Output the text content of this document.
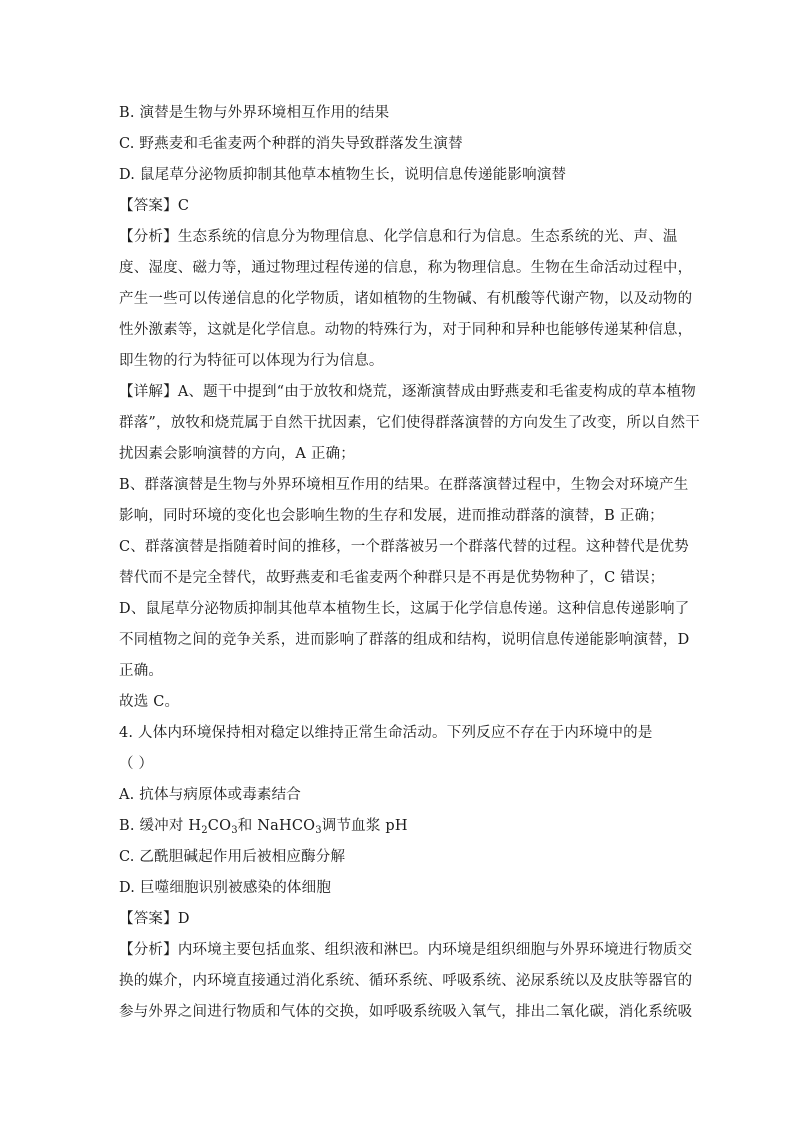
B. 演替是生物与外界环境相互作用的结果
C. 野燕麦和毛雀麦两个种群的消失导致群落发生演替
D. 鼠尾草分泌物质抑制其他草本植物生长，说明信息传递能影响演替
【答案】C
【分析】生态系统的信息分为物理信息、化学信息和行为信息。生态系统的光、声、温
度、湿度、磁力等，通过物理过程传递的信息，称为物理信息。生物在生命活动过程中，
产生一些可以传递信息的化学物质，诸如植物的生物碱、有机酸等代谢产物，以及动物的
性外激素等，这就是化学信息。动物的特殊行为，对于同种和异种也能够传递某种信息，
即生物的行为特征可以体现为行为信息。
【详解】A、题干中提到“由于放牧和烧荒，逐渐演替成由野燕麦和毛雀麦构成的草本植物
群落”，放牧和烧荒属于自然干扰因素，它们使得群落演替的方向发生了改变，所以自然干
扰因素会影响演替的方向，A 正确；
B、群落演替是生物与外界环境相互作用的结果。在群落演替过程中，生物会对环境产生
影响，同时环境的变化也会影响生物的生存和发展，进而推动群落的演替，B 正确；
C、群落演替是指随着时间的推移，一个群落被另一个群落代替的过程。这种替代是优势
替代而不是完全替代，故野燕麦和毛雀麦两个种群只是不再是优势物种了，C 错误；
D、鼠尾草分泌物质抑制其他草本植物生长，这属于化学信息传递。这种信息传递影响了
不同植物之间的竞争关系，进而影响了群落的组成和结构，说明信息传递能影响演替，D
正确。
故选 C。
4. 人体内环境保持相对稳定以维持正常生命活动。下列反应不存在于内环境中的是
（ ）
A. 抗体与病原体或毒素结合
B. 缓冲对 $H_2CO_3$和 NaHCO$_3$调节血浆 pH
C. 乙酰胆碱起作用后被相应酶分解
D. 巨噬细胞识别被感染的体细胞
【答案】D
【分析】内环境主要包括血浆、组织液和淋巴。内环境是组织细胞与外界环境进行物质交
换的媒介，内环境直接通过消化系统、循环系统、呼吸系统、泌尿系统以及皮肤等器官的
参与外界之间进行物质和气体的交换，如呼吸系统吸入氧气，排出二氧化碳，消化系统吸
